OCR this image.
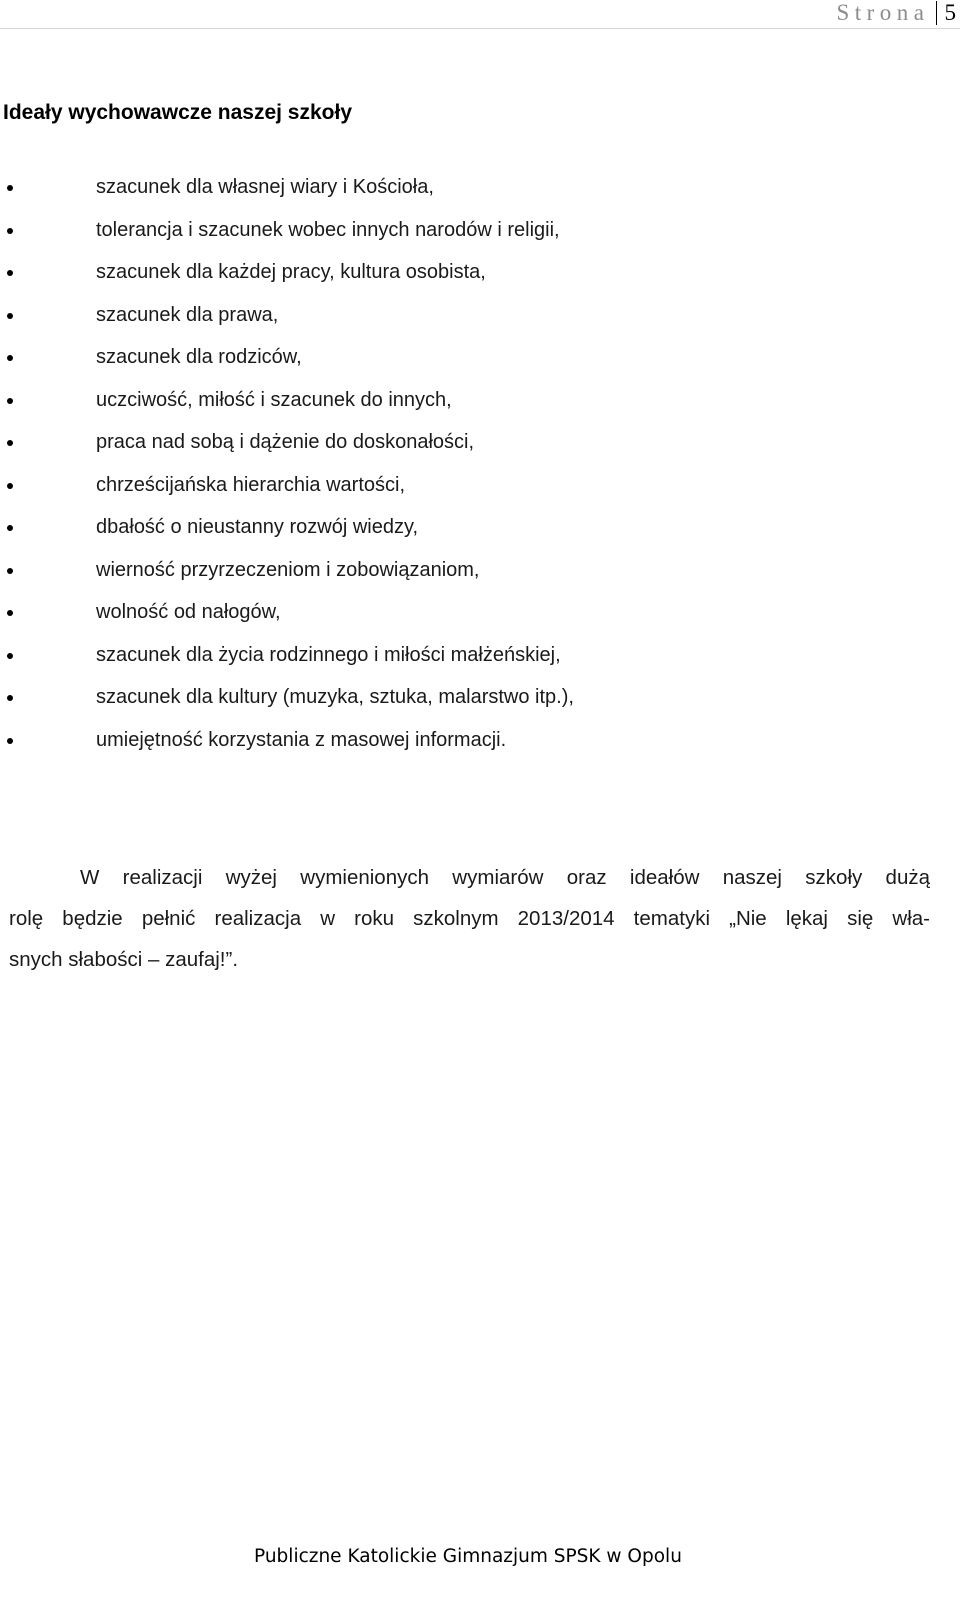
Strona 5
Ideały wychowawcze naszej szkoły
szacunek dla własnej wiary i Kościoła,
tolerancja i szacunek wobec innych narodów i religii,
szacunek dla każdej pracy, kultura osobista,
szacunek dla prawa,
szacunek dla rodziców,
uczciwość, miłość i szacunek do innych,
praca nad sobą i dążenie do doskonałości,
chrześcijańska hierarchia wartości,
dbałość o nieustanny rozwój wiedzy,
wierność przyrzeczeniom i zobowiązaniom,
wolność od nałogów,
szacunek dla życia rodzinnego i miłości małżeńskiej,
szacunek dla kultury (muzyka, sztuka, malarstwo itp.),
umiejętność korzystania z masowej informacji.

W realizacji wyżej wymienionych wymiarów oraz ideałów naszej szkoły dużą
rolę będzie pełnić realizacja w roku szkolnym 2013/2014 tematyki „Nie lękaj się wła-
snych słabości – zaufaj!”.

Publiczne Katolickie Gimnazjum SPSK w Opolu
